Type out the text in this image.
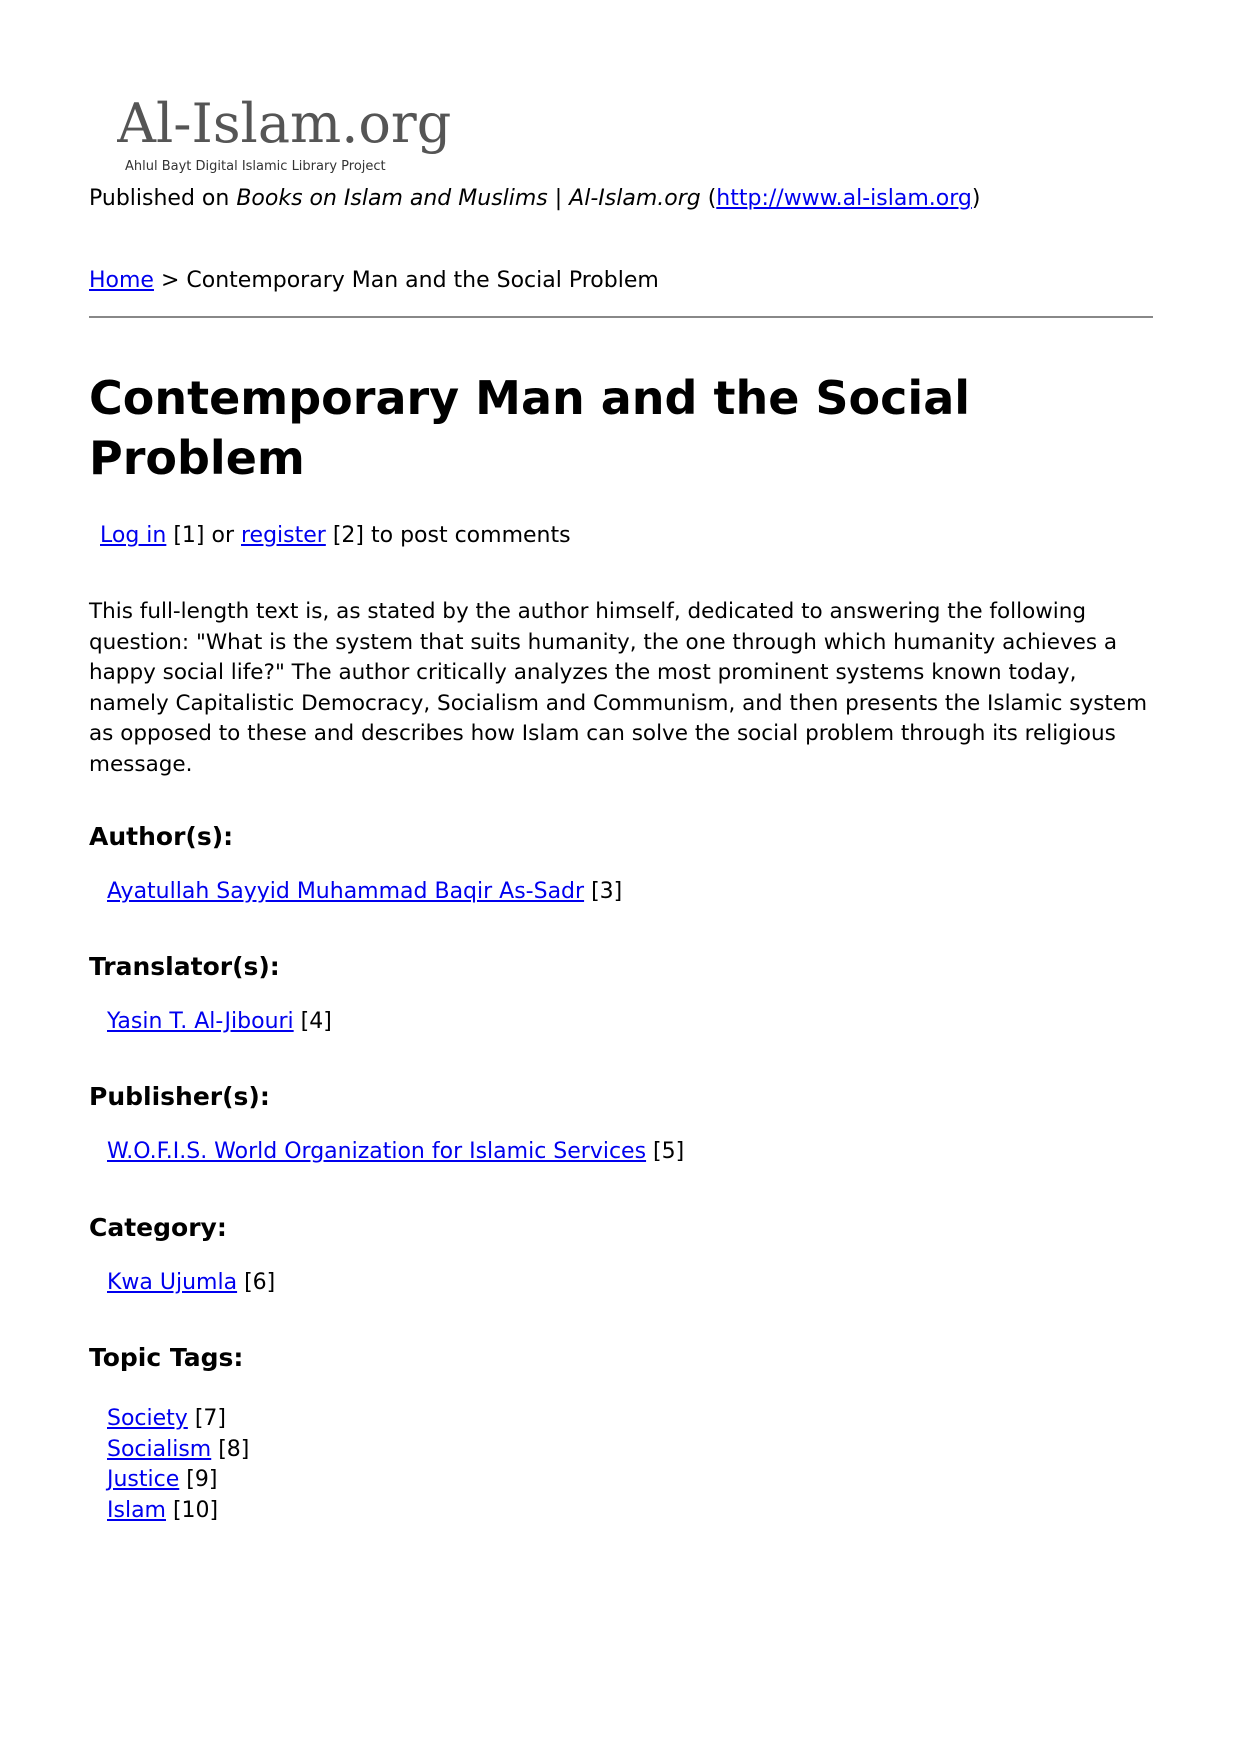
Al-Islam.org
Ahlul Bayt Digital Islamic Library Project
Published on Books on Islam and Muslims | Al-Islam.org (http://www.al-islam.org)
Home > Contemporary Man and the Social Problem
Contemporary Man and the Social Problem
Log in [1] or register [2] to post comments

This full-length text is, as stated by the author himself, dedicated to answering the following question: "What is the system that suits humanity, the one through which humanity achieves a happy social life?" The author critically analyzes the most prominent systems known today, namely Capitalistic Democracy, Socialism and Communism, and then presents the Islamic system as opposed to these and describes how Islam can solve the social problem through its religious message.

Author(s):
Ayatullah Sayyid Muhammad Baqir As-Sadr [3]
Translator(s):
Yasin T. Al-Jibouri [4]
Publisher(s):
W.O.F.I.S. World Organization for Islamic Services [5]
Category:
Kwa Ujumla [6]
Topic Tags:
Society [7]
Socialism [8]
Justice [9]
Islam [10]
